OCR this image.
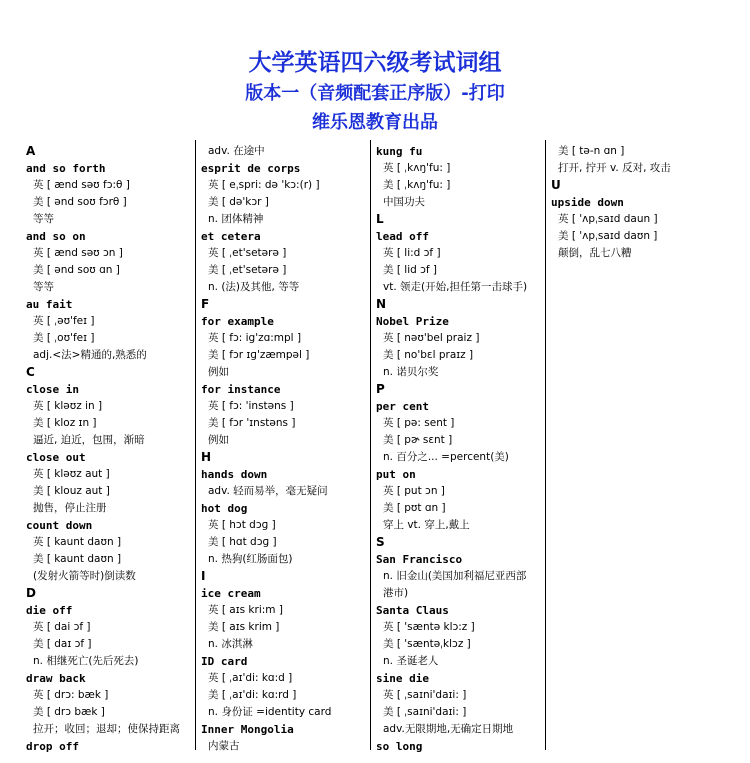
大学英语四六级考试词组
版本一（音频配套正序版）-打印
维乐恩教育出品
A
and so forth
英 [ ænd səʊ fɔ:θ ]
美 [ ənd soʊ fɔrθ ]
等等
and so on
英 [ ænd səʊ ɔn ]
美 [ ənd soʊ ɑn ]
等等
au fait
英 [ ˌəʊ'feɪ ]
美 [ ˌoʊ'feɪ ]
adj.<法>精通的,熟悉的
C
close in
英 [ kləʊz in ]
美 [ kloz ɪn ]
逼近, 迫近，包围，渐暗
close out
英 [ kləʊz aut ]
美 [ klouz aut ]
抛售，停止注册
count down
英 [ kaunt daʊn ]
美 [ kaunt daʊn ]
(发射火箭等时)倒读数
D
die off
英 [ dai ɔf ]
美 [ daɪ ɔf ]
n. 相继死亡(先后死去)
draw back
英 [ drɔ: bæk ]
美 [ drɔ bæk ]
拉开；收回；退却；使保持距离
drop off
adv. 在途中
esprit de corps
英 [ eˌspri: də 'kɔ:(r) ]
美 [ də'kɔr ]
n. 团体精神
et cetera
英 [ ˌet'setərə ]
美 [ ˌet'setərə ]
n. (法)及其他, 等等
F
for example
英 [ fɔ: ig'zɑ:mpl ]
美 [ fɔr ɪɡ'zæmpəl ]
例如
for instance
英 [ fɔ: 'instəns ]
美 [ fɔr 'ɪnstəns ]
例如
H
hands down
adv. 轻而易举，毫无疑问
hot dog
英 [ hɔt dɔɡ ]
美 [ hɑt dɔɡ ]
n. 热狗(红肠面包)
I
ice cream
英 [ aɪs kri:m ]
美 [ aɪs krim ]
n. 冰淇淋
ID card
英 [ ˌaɪ'di: kɑ:d ]
美 [ ˌaɪ'di: kɑ:rd ]
n. 身份证 =identity card
Inner Mongolia
内蒙古
kung fu
英 [ ˌkʌŋ'fu: ]
美 [ ˌkʌŋ'fu: ]
中国功夫
L
lead off
英 [ li:d ɔf ]
美 [ lid ɔf ]
vt. 领走(开始,担任第一击球手)
N
Nobel Prize
英 [ nəʊ'bel praiz ]
美 [ no'bɛl praɪz ]
n. 诺贝尔奖
P
per cent
英 [ pə: sent ]
美 [ pɚ sɛnt ]
n. 百分之... =percent(美)
put on
英 [ put ɔn ]
美 [ pʊt ɑn ]
穿上 vt. 穿上,戴上
S
San Francisco
n. 旧金山(美国加利福尼亚西部
港市)
Santa Claus
英 [ 'sæntə klɔ:z ]
美 [ 'sæntəˌklɔz ]
n. 圣诞老人
sine die
英 [ ˌsaɪni'daɪi: ]
美 [ ˌsaɪni'daɪi: ]
adv.无限期地,无确定日期地
so long
美 [ tə-n ɑn ]
打开, 拧开 v. 反对, 攻击
U
upside down
英 [ 'ʌpˌsaɪd daun ]
美 [ 'ʌpˌsaɪd daʊn ]
颠倒，乱七八糟
